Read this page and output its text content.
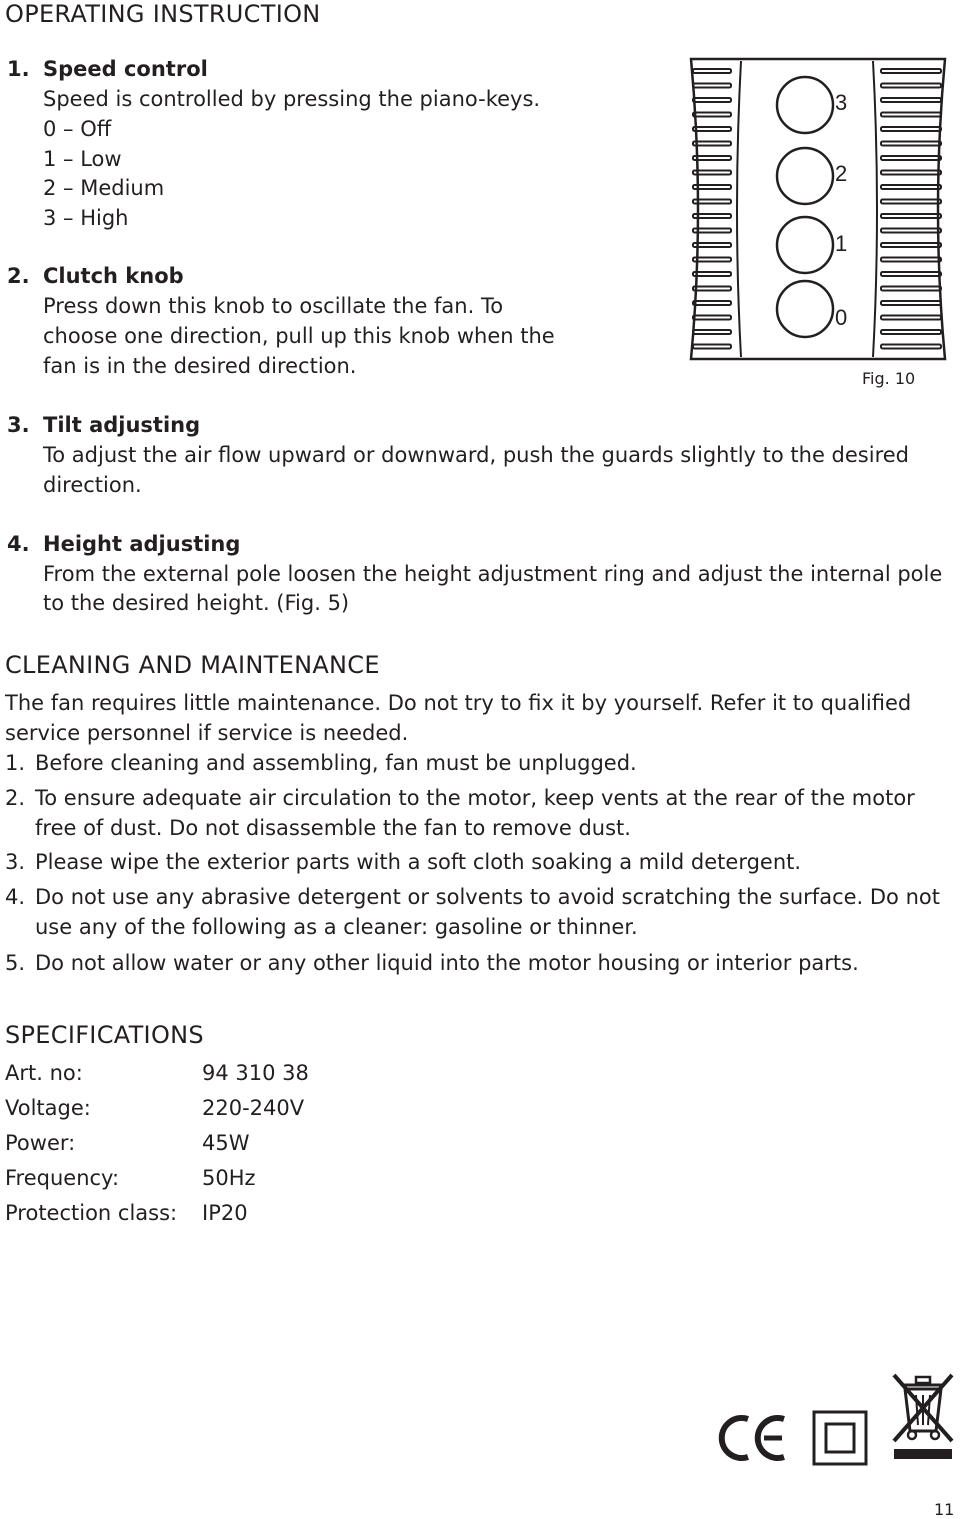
OPERATING INSTRUCTION
1. Speed control
Speed is controlled by pressing the piano-keys.
0 – Off
1 – Low
2 – Medium
3 – High
2. Clutch knob
Press down this knob to oscillate the fan. To
choose one direction, pull up this knob when the
fan is in the desired direction.
3
2
1
0
Fig. 10
3. Tilt adjusting
To adjust the air flow upward or downward, push the guards slightly to the desired
direction.
4. Height adjusting
From the external pole loosen the height adjustment ring and adjust the internal pole
to the desired height. (Fig. 5)
CLEANING AND MAINTENANCE
The fan requires little maintenance. Do not try to fix it by yourself. Refer it to qualified
service personnel if service is needed.
1. Before cleaning and assembling, fan must be unplugged.
2. To ensure adequate air circulation to the motor, keep vents at the rear of the motor
free of dust. Do not disassemble the fan to remove dust.
3. Please wipe the exterior parts with a soft cloth soaking a mild detergent.
4. Do not use any abrasive detergent or solvents to avoid scratching the surface. Do not
use any of the following as a cleaner: gasoline or thinner.
5. Do not allow water or any other liquid into the motor housing or interior parts.
SPECIFICATIONS
Art. no:	94 310 38
Voltage:	220-240V
Power:	45W
Frequency:	50Hz
Protection class: IP20
11
